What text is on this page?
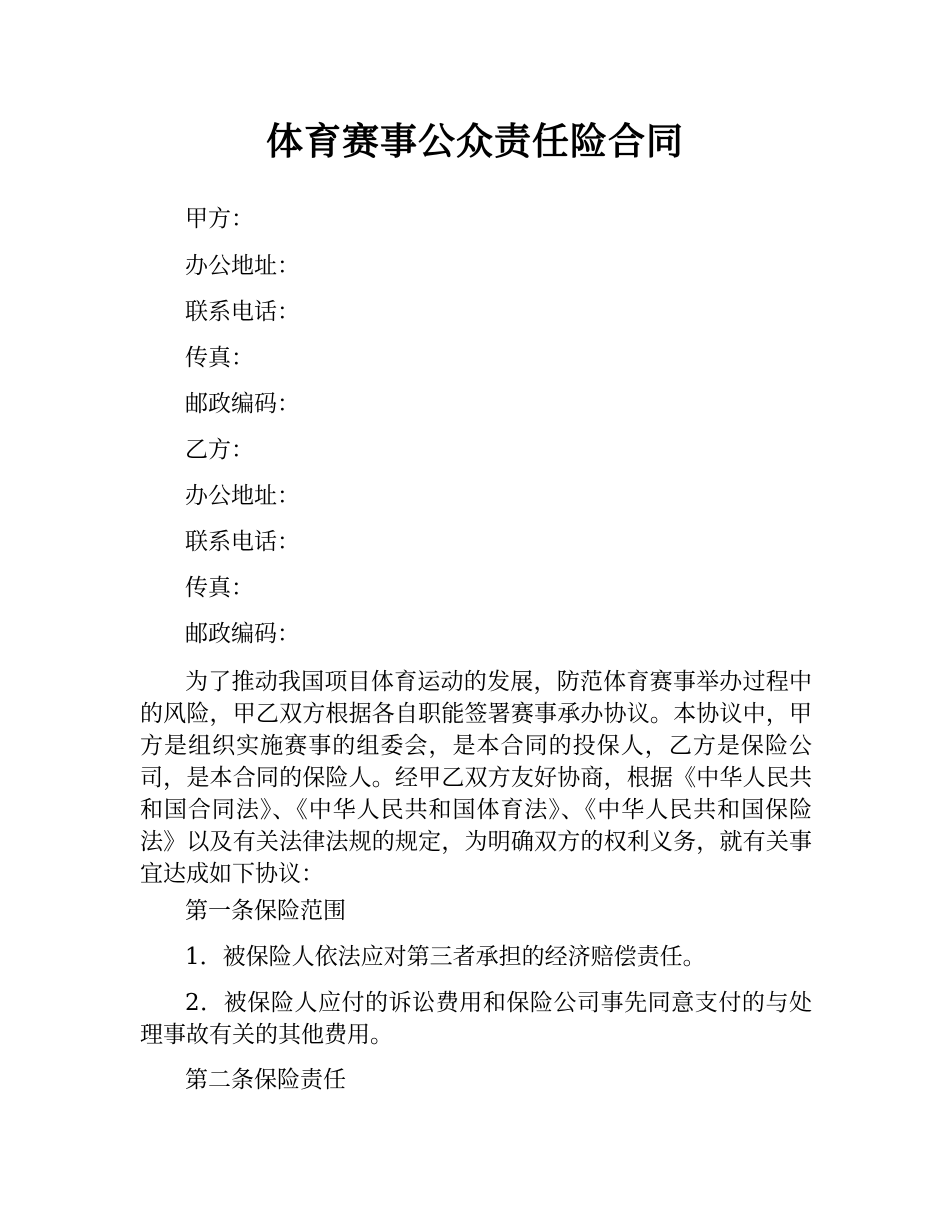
体育赛事公众责任险合同
甲方：
办公地址：
联系电话：
传真：
邮政编码：
乙方：
办公地址：
联系电话：
传真：
邮政编码：
为了推动我国项目体育运动的发展，防范体育赛事举办过程中的风险，甲乙双方根据各自职能签署赛事承办协议。本协议中，甲方是组织实施赛事的组委会，是本合同的投保人，乙方是保险公司，是本合同的保险人。经甲乙双方友好协商，根据《中华人民共和国合同法》、《中华人民共和国体育法》、《中华人民共和国保险法》以及有关法律法规的规定，为明确双方的权利义务，就有关事宜达成如下协议：
第一条保险范围
1．被保险人依法应对第三者承担的经济赔偿责任。
2．被保险人应付的诉讼费用和保险公司事先同意支付的与处理事故有关的其他费用。
第二条保险责任
